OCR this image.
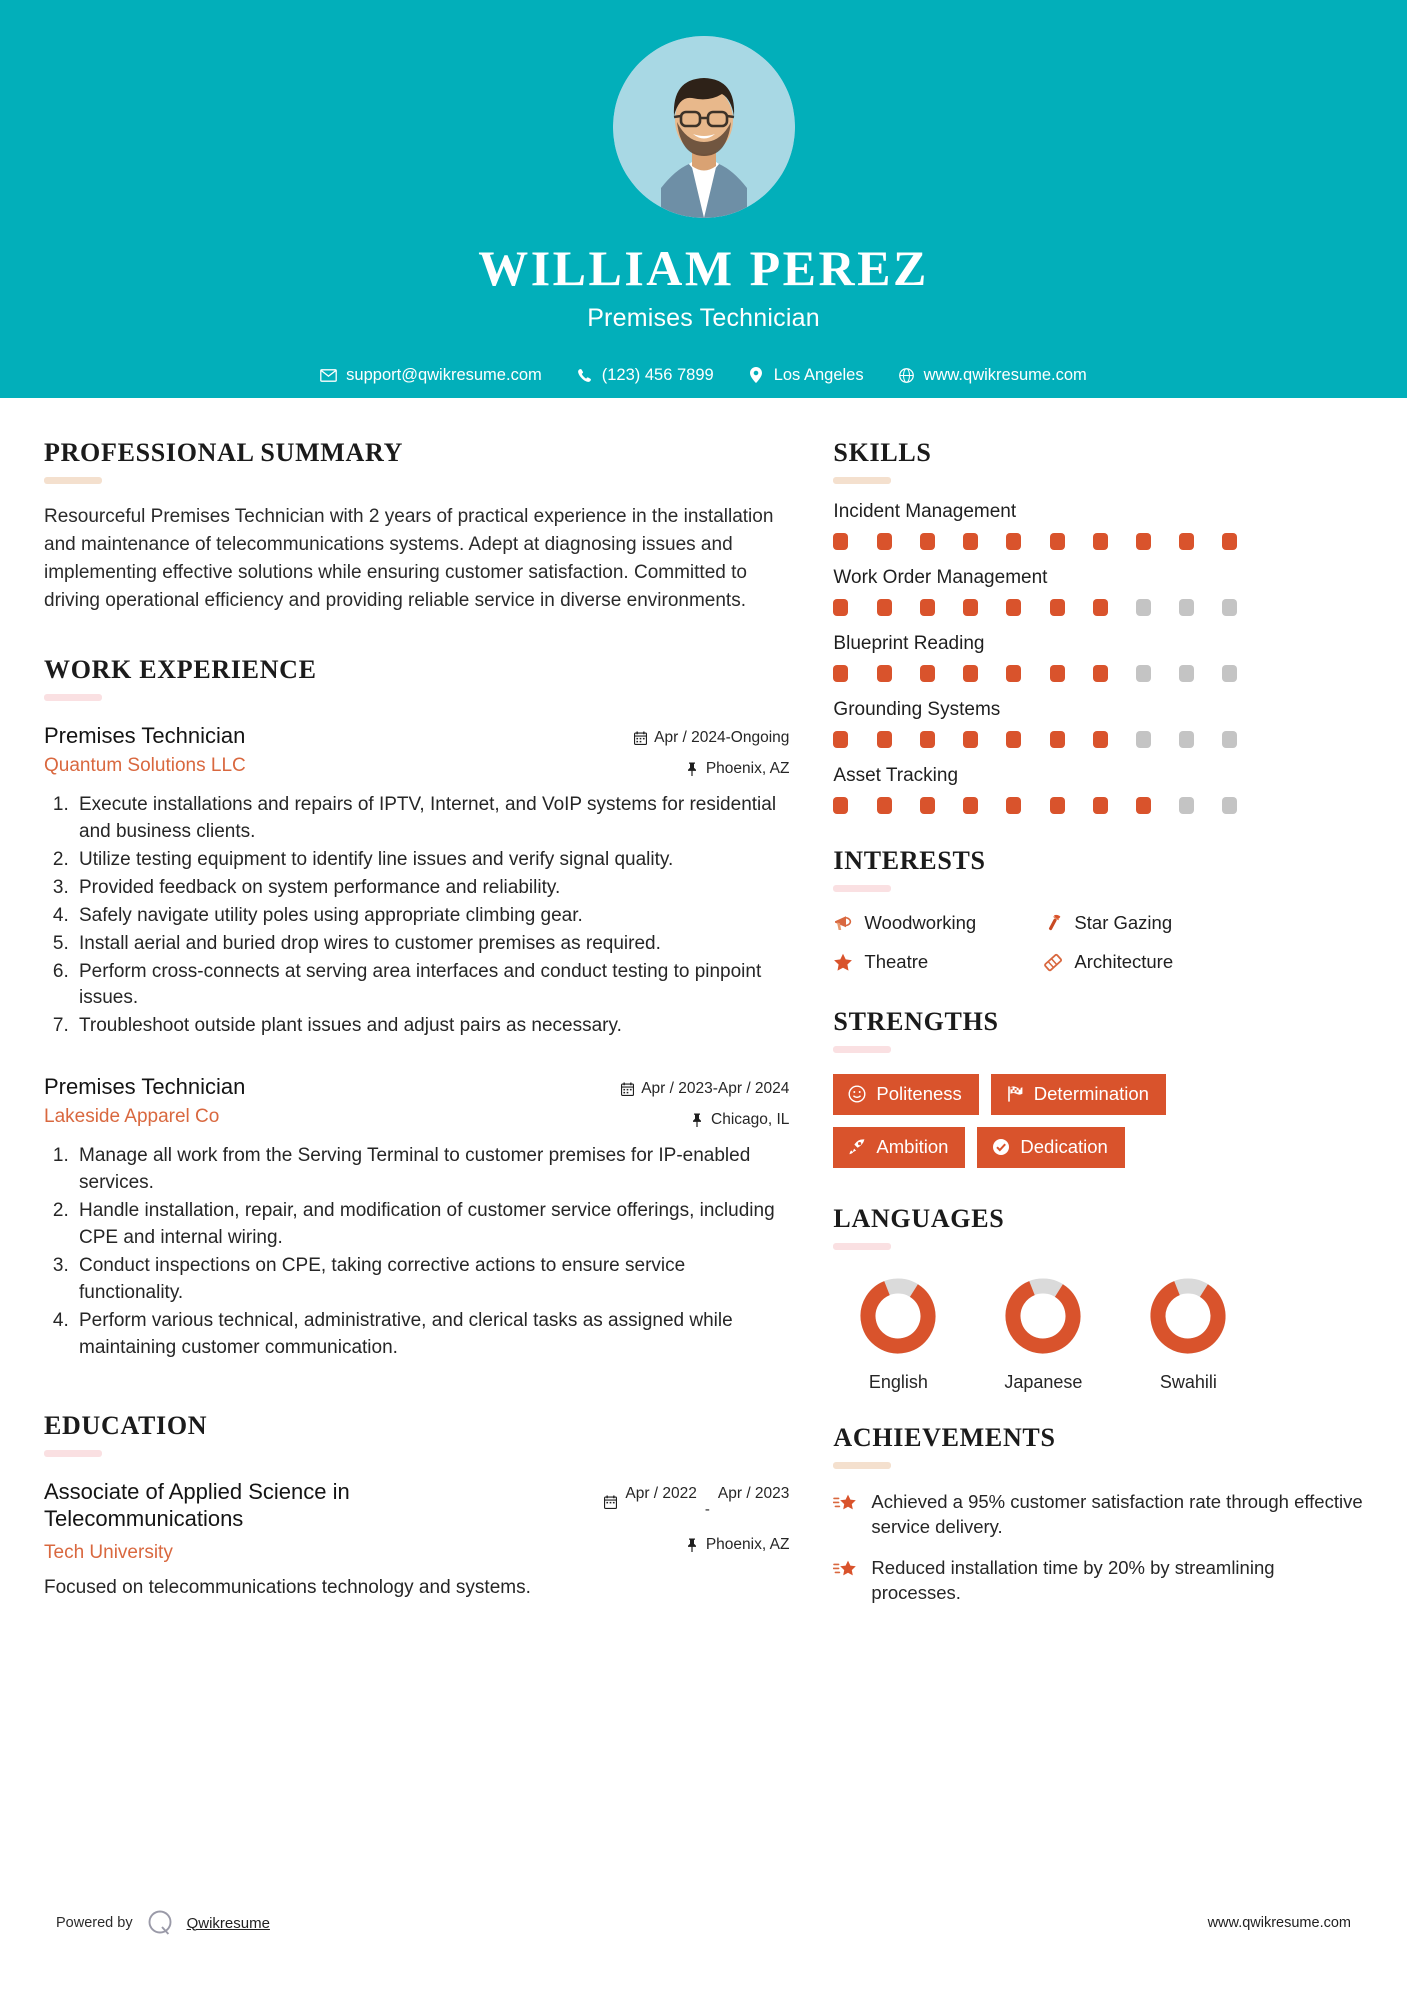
WILLIAM PEREZ
Premises Technician
support@qwikresume.com	(123) 456 7899	Los Angeles	www.qwikresume.com
PROFESSIONAL SUMMARY
Resourceful Premises Technician with 2 years of practical experience in the installation and maintenance of telecommunications systems. Adept at diagnosing issues and implementing effective solutions while ensuring customer satisfaction. Committed to driving operational efficiency and providing reliable service in diverse environments.
WORK EXPERIENCE
Premises Technician
Quantum Solutions LLC
Apr / 2024-Ongoing
Phoenix, AZ
1. Execute installations and repairs of IPTV, Internet, and VoIP systems for residential and business clients.
2. Utilize testing equipment to identify line issues and verify signal quality.
3. Provided feedback on system performance and reliability.
4. Safely navigate utility poles using appropriate climbing gear.
5. Install aerial and buried drop wires to customer premises as required.
6. Perform cross-connects at serving area interfaces and conduct testing to pinpoint issues.
7. Troubleshoot outside plant issues and adjust pairs as necessary.
Premises Technician
Lakeside Apparel Co
Apr / 2023-Apr / 2024
Chicago, IL
1. Manage all work from the Serving Terminal to customer premises for IP-enabled services.
2. Handle installation, repair, and modification of customer service offerings, including CPE and internal wiring.
3. Conduct inspections on CPE, taking corrective actions to ensure service functionality.
4. Perform various technical, administrative, and clerical tasks as assigned while maintaining customer communication.
EDUCATION
Associate of Applied Science in Telecommunications
Tech University
Apr / 2022
-
Apr / 2023
Phoenix, AZ
Focused on telecommunications technology and systems.
SKILLS
Incident Management
Work Order Management
Blueprint Reading
Grounding Systems
Asset Tracking
INTERESTS
Woodworking	Star Gazing
Theatre	Architecture
STRENGTHS
Politeness	Determination
Ambition	Dedication
LANGUAGES
English	Japanese	Swahili
ACHIEVEMENTS
Achieved a 95% customer satisfaction rate through effective service delivery.
Reduced installation time by 20% by streamlining processes.
Powered by	Qwikresume	www.qwikresume.com
